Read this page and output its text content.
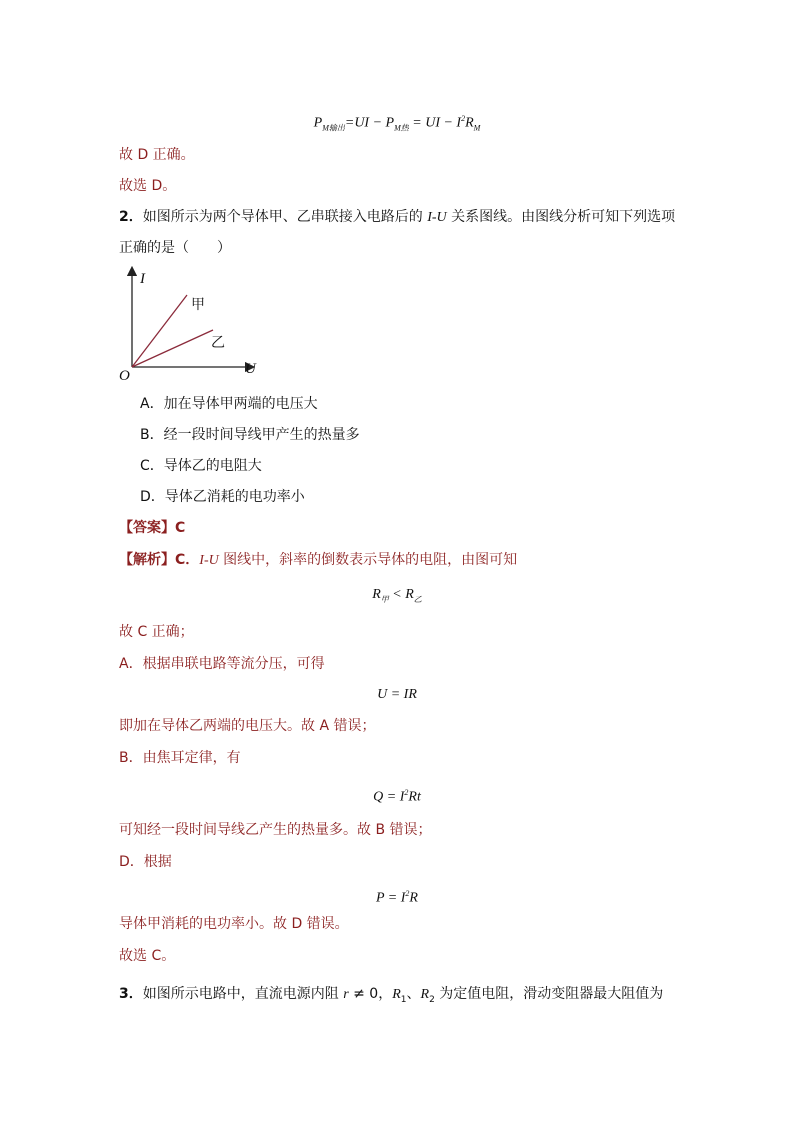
$P_{M输出}=UI - P_{M热}$ = UI − $I^2R_M$
故 D 正确。
故选 D。
2．如图所示为两个导体甲、乙串联接入电路后的 I-U 关系图线。由图线分析可知下列选项
正确的是（　　）
I
U
O
甲
乙
A．加在导体甲两端的电压大
B．经一段时间导线甲产生的热量多
C．导体乙的电阻大
D．导体乙消耗的电功率小
【答案】C
【解析】C．I-U 图线中，斜率的倒数表示导体的电阻，由图可知
$R_甲 < R_乙$
故 C 正确；
A．根据串联电路等流分压，可得
U = IR
即加在导体乙两端的电压大。故 A 错误；
B．由焦耳定律，有
$Q = I^2Rt$
可知经一段时间导线乙产生的热量多。故 B 错误；
D．根据
$P = I^2R$
导体甲消耗的电功率小。故 D 错误。
故选 C。
3．如图所示电路中，直流电源内阻 r ≠ 0，$R_1$、$R_2$ 为定值电阻，滑动变阻器最大阻值为
